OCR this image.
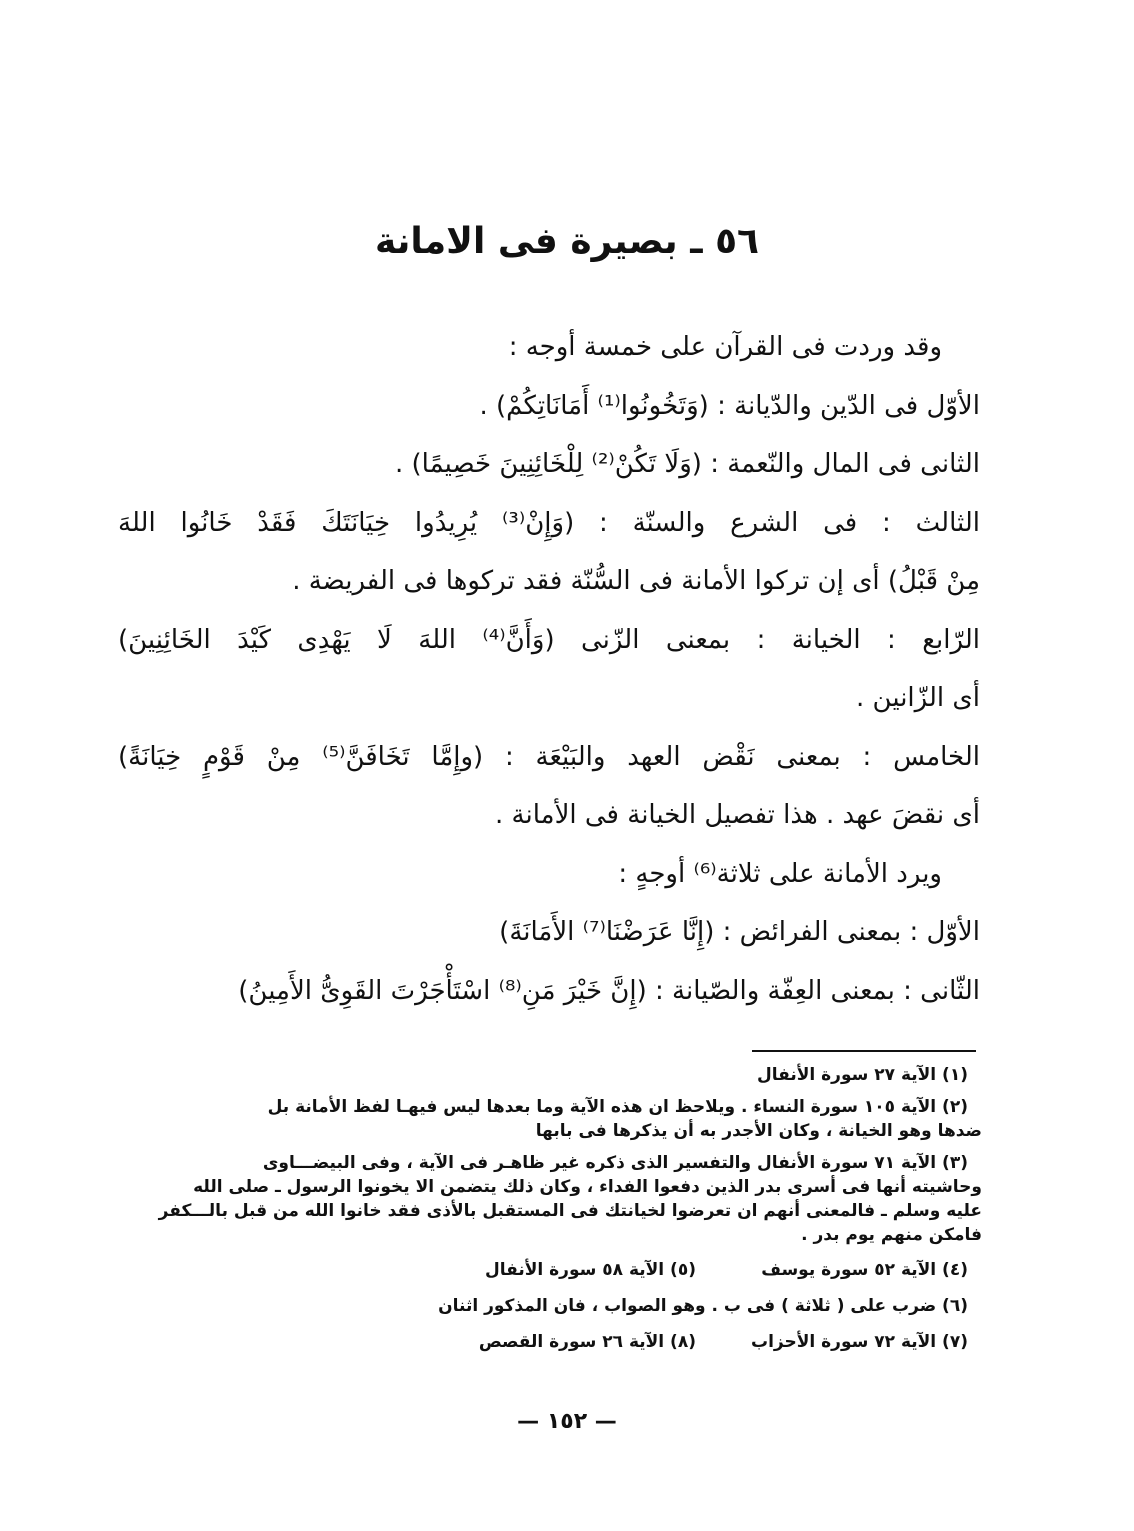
٥٦ ـ بصيرة فى الامانة
وقد وردت فى القرآن على خمسة أوجه :
الأوّل فى الدّين والدّيانة : (وَتَخُونُوا⁽¹⁾ أَمَانَاتِكُمْ) .
الثانى فى المال والنّعمة : (وَلَا تَكُنْ⁽²⁾ لِلْخَائِنِينَ خَصِيمًا) .
الثالث : فى الشرع والسنّة : (وَإِنْ⁽³⁾ يُرِيدُوا خِيَانَتَكَ فَقَدْ خَانُوا اللهَ
مِنْ قَبْلُ) أى إن تركوا الأمانة فى السُّنّة فقد تركوها فى الفريضة .
الرّابع : الخيانة : بمعنى الزّنى (وَأَنَّ⁽⁴⁾ اللهَ لَا يَهْدِى كَيْدَ الخَائِنِينَ)
أى الزّانين .
الخامس : بمعنى نَقْض العهد والبَيْعَة : (وإِمَّا تَخَافَنَّ⁽⁵⁾ مِنْ قَوْمٍ خِيَانَةً)
أى نقضَ عهد . هذا تفصيل الخيانة فى الأمانة .
ويرد الأمانة على ثلاثة⁽⁶⁾ أوجهٍ :
الأوّل : بمعنى الفرائض : (إِنَّا عَرَضْنَا⁽⁷⁾ الأَمَانَةَ)
الثّانى : بمعنى العِفّة والصّيانة : (إِنَّ خَيْرَ مَنِ⁽⁸⁾ اسْتَأْجَرْتَ القَوِىُّ الأَمِينُ)
(١) الآية ٢٧ سورة الأنفال
(٢) الآية ١٠٥ سورة النساء . ويلاحظ ان هذه الآية وما بعدها ليس فيهـا لفظ الأمانة بل
ضدها وهو الخيانة ، وكان الأجدر به أن يذكرها فى بابها
(٣) الآية ٧١ سورة الأنفال والتفسير الذى ذكره غير ظاهـر فى الآية ، وفى البيضـــاوى
وحاشيته أنها فى أسرى بدر الذين دفعوا الفداء ، وكان ذلك يتضمن الا يخونوا الرسول ـ صلى الله
عليه وسلم ـ فالمعنى أنهم ان تعرضوا لخيانتك فى المستقبل بالأذى فقد خانوا الله من قبل بالـــكفر
فامكن منهم يوم بدر .
(٤) الآية ٥٢ سورة يوسف
(٥) الآية ٥٨ سورة الأنفال
(٦) ضرب على ( ثلاثة ) فى ب . وهو الصواب ، فان المذكور اثنان
(٧) الآية ٧٢ سورة الأحزاب
(٨) الآية ٢٦ سورة القصص
— ١٥٢ —
